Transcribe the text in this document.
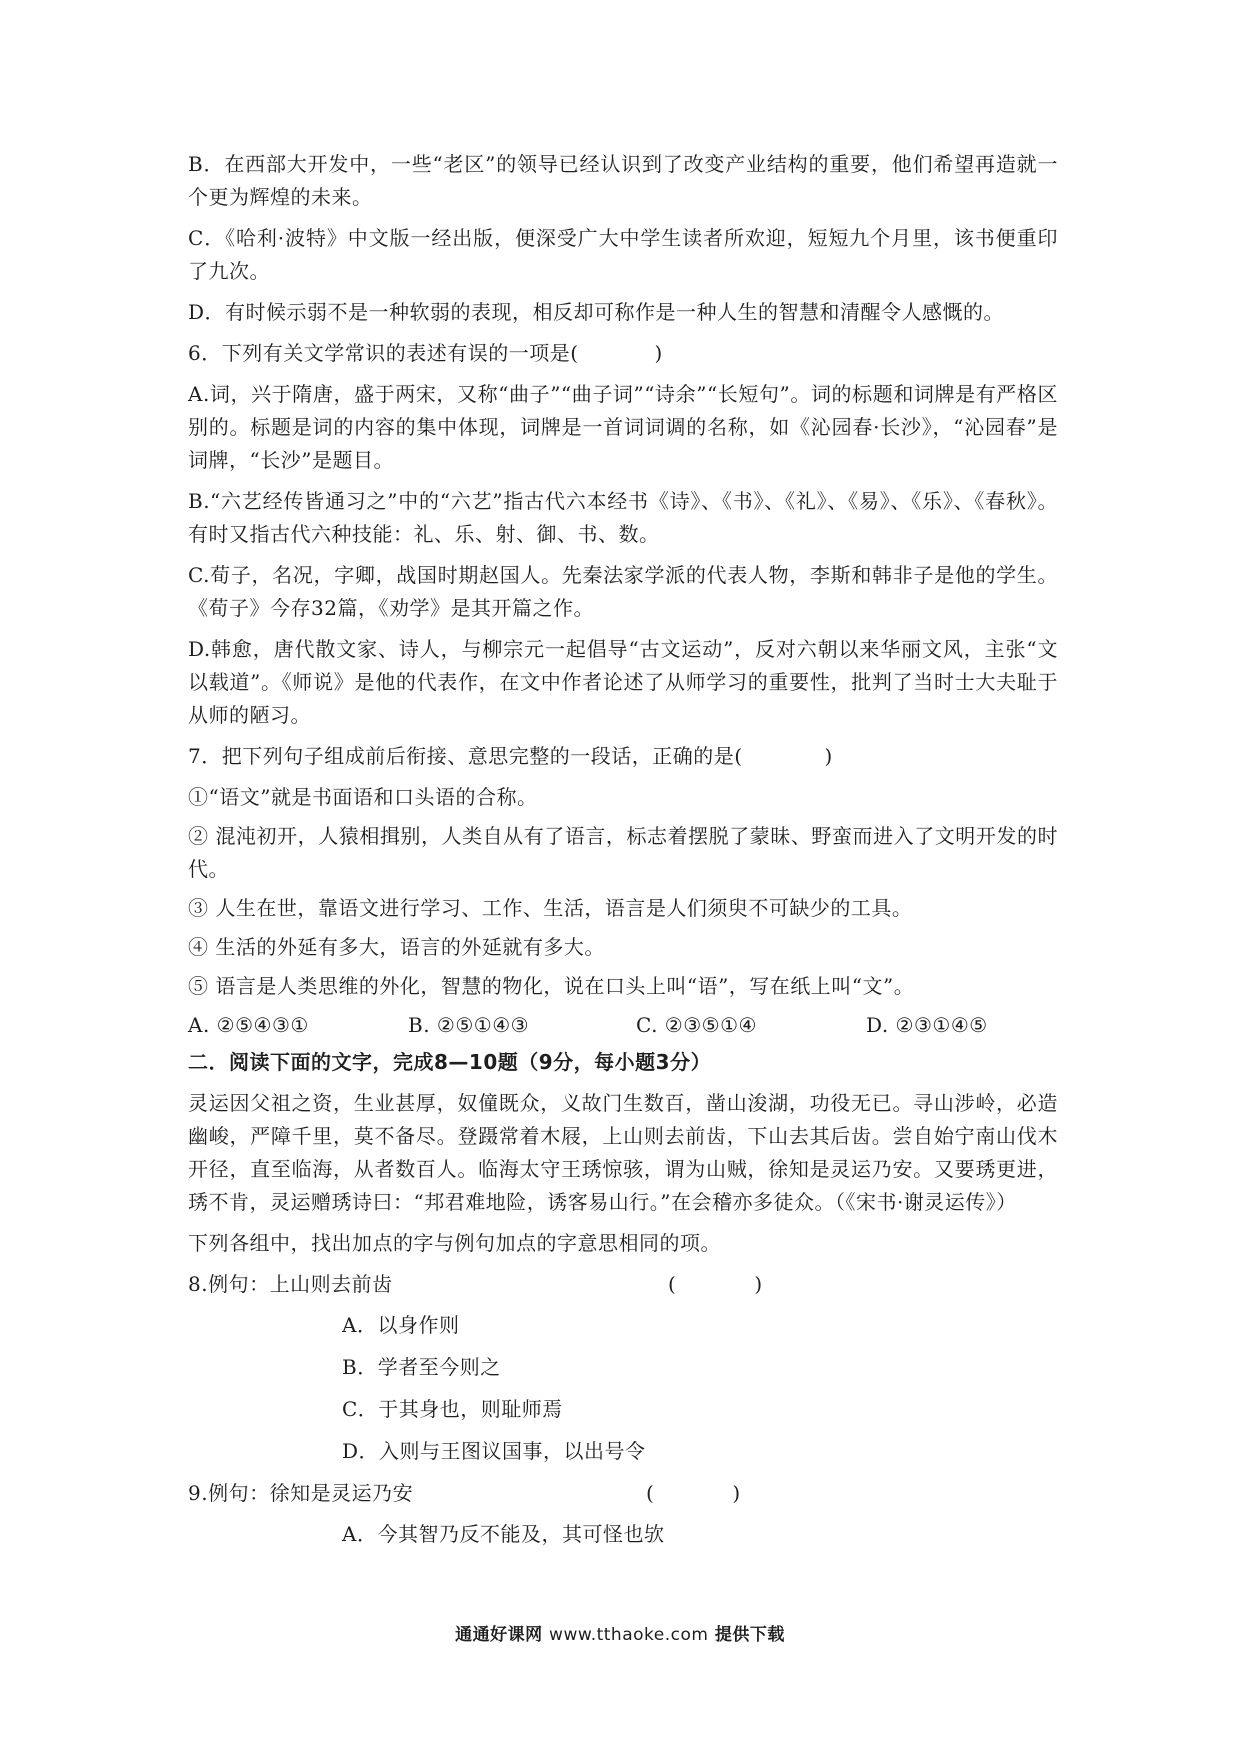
B．在西部大开发中，一些“老区”的领导已经认识到了改变产业结构的重要，他们希望再造就一个更为辉煌的未来。

C．《哈利·波特》中文版一经出版，便深受广大中学生读者所欢迎，短短九个月里，该书便重印了九次。

D．有时候示弱不是一种软弱的表现，相反却可称作是一种人生的智慧和清醒令人感慨的。

6．下列有关文学常识的表述有误的一项是(	)

A.词，兴于隋唐，盛于两宋，又称“曲子”“曲子词”“诗余”“长短句”。词的标题和词牌是有严格区别的。标题是词的内容的集中体现，词牌是一首词词调的名称，如《沁园春·长沙》，“沁园春”是词牌，“长沙”是题目。

B.“六艺经传皆通习之”中的“六艺”指古代六本经书《诗》、《书》、《礼》、《易》、《乐》、《春秋》。有时又指古代六种技能：礼、乐、射、御、书、数。

C.荀子，名况，字卿，战国时期赵国人。先秦法家学派的代表人物，李斯和韩非子是他的学生。《荀子》今存32篇，《劝学》是其开篇之作。

D.韩愈，唐代散文家、诗人，与柳宗元一起倡导“古文运动”，反对六朝以来华丽文风，主张“文以载道”。《师说》是他的代表作，在文中作者论述了从师学习的重要性，批判了当时士大夫耻于从师的陋习。

7．把下列句子组成前后衔接、意思完整的一段话，正确的是(	)

①“语文”就是书面语和口头语的合称。

② 混沌初开，人猿相揖别，人类自从有了语言，标志着摆脱了蒙昧、野蛮而进入了文明开发的时代。

③ 人生在世，靠语文进行学习、工作、生活，语言是人们须臾不可缺少的工具。

④ 生活的外延有多大，语言的外延就有多大。

⑤ 语言是人类思维的外化，智慧的物化，说在口头上叫“语”，写在纸上叫“文”。

A. ②⑤④③①	B. ②⑤①④③	C. ②③⑤①④	D. ②③①④⑤
二．阅读下面的文字，完成8—10题（9分，每小题3分）

灵运因父祖之资，生业甚厚，奴僮既众，义故门生数百，凿山浚湖，功役无已。寻山涉岭，必造幽峻，严障千里，莫不备尽。登蹑常着木屐，上山则去前齿，下山去其后齿。尝自始宁南山伐木开径，直至临海，从者数百人。临海太守王琇惊骇，谓为山贼，徐知是灵运乃安。又要琇更进，琇不肯，灵运赠琇诗曰：“邦君难地险，诱客易山行。”在会稽亦多徒众。（《宋书·谢灵运传》）

下列各组中，找出加点的字与例句加点的字意思相同的项。

8.例句：上山则去前齿	(	)

A．以身作则

B．学者至今则之

C．于其身也，则耻师焉

D．入则与王图议国事，以出号令

9.例句：徐知是灵运乃安	(	)

A．今其智乃反不能及，其可怪也欤

通通好课网 www.tthaoke.com 提供下载
